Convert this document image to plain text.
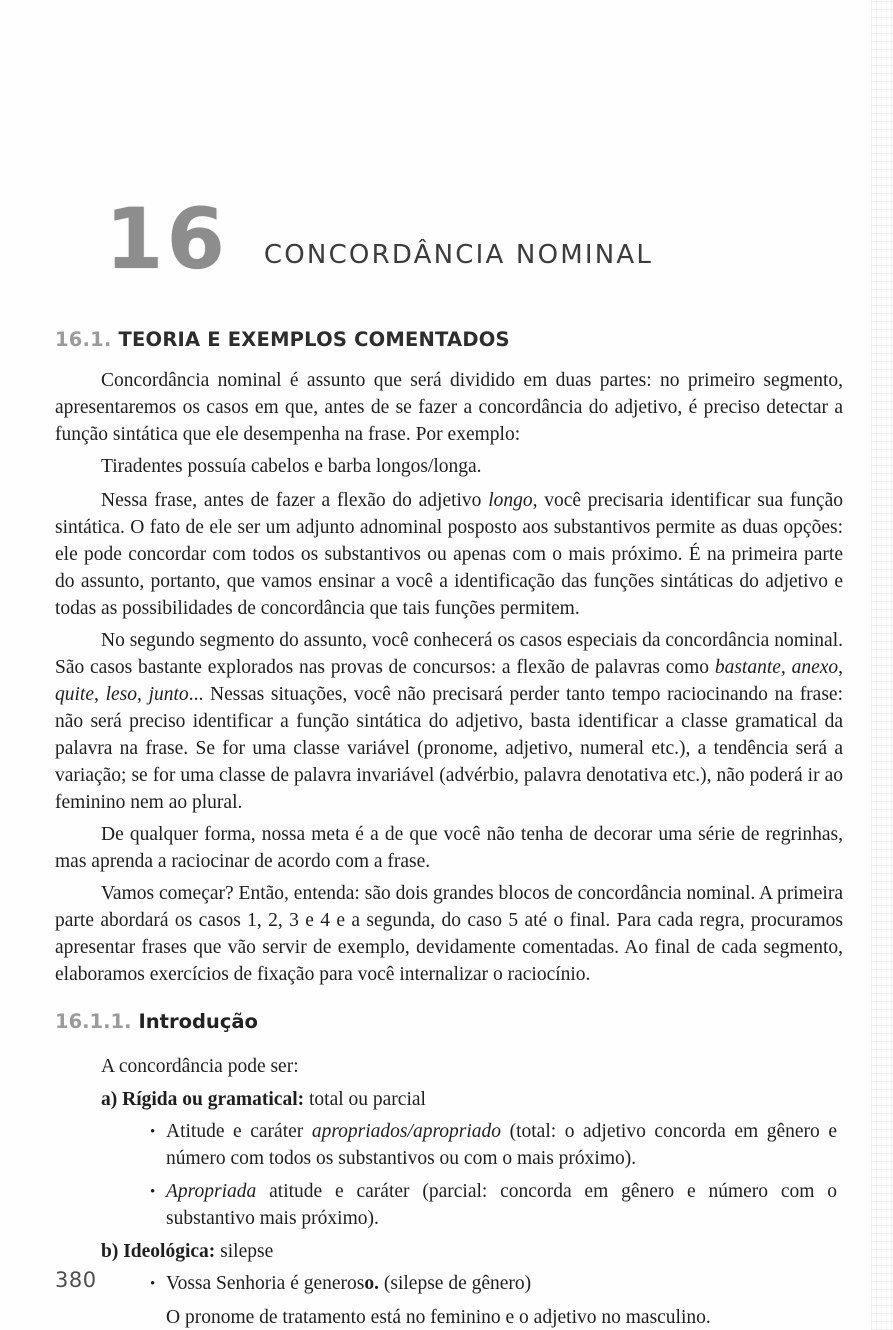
16 CONCORDÂNCIA NOMINAL
16.1. TEORIA E EXEMPLOS COMENTADOS

Concordância nominal é assunto que será dividido em duas partes: no primeiro segmento, apresentaremos os casos em que, antes de se fazer a concordância do adjetivo, é preciso detectar a função sintática que ele desempenha na frase. Por exemplo:

Tiradentes possuía cabelos e barba longos/longa.

Nessa frase, antes de fazer a flexão do adjetivo longo, você precisaria identificar sua função sintática. O fato de ele ser um adjunto adnominal posposto aos substantivos permite as duas opções: ele pode concordar com todos os substantivos ou apenas com o mais próximo. É na primeira parte do assunto, portanto, que vamos ensinar a você a identificação das funções sintáticas do adjetivo e todas as possibilidades de concordância que tais funções permitem.

No segundo segmento do assunto, você conhecerá os casos especiais da concordância nominal. São casos bastante explorados nas provas de concursos: a flexão de palavras como bastante, anexo, quite, leso, junto... Nessas situações, você não precisará perder tanto tempo raciocinando na frase: não será preciso identificar a função sintática do adjetivo, basta identificar a classe gramatical da palavra na frase. Se for uma classe variável (pronome, adjetivo, numeral etc.), a tendência será a variação; se for uma classe de palavra invariável (advérbio, palavra denotativa etc.), não poderá ir ao feminino nem ao plural.

De qualquer forma, nossa meta é a de que você não tenha de decorar uma série de regrinhas, mas aprenda a raciocinar de acordo com a frase.

Vamos começar? Então, entenda: são dois grandes blocos de concordância nominal. A primeira parte abordará os casos 1, 2, 3 e 4 e a segunda, do caso 5 até o final. Para cada regra, procuramos apresentar frases que vão servir de exemplo, devidamente comentadas. Ao final de cada segmento, elaboramos exercícios de fixação para você internalizar o raciocínio.

16.1.1. Introdução

A concordância pode ser:

a) Rígida ou gramatical: total ou parcial
• Atitude e caráter apropriados/apropriado (total: o adjetivo concorda em gênero e número com todos os substantivos ou com o mais próximo).
• Apropriada atitude e caráter (parcial: concorda em gênero e número com o substantivo mais próximo).
b) Ideológica: silepse
• Vossa Senhoria é generoso. (silepse de gênero)

O pronome de tratamento está no feminino e o adjetivo no masculino.

380
